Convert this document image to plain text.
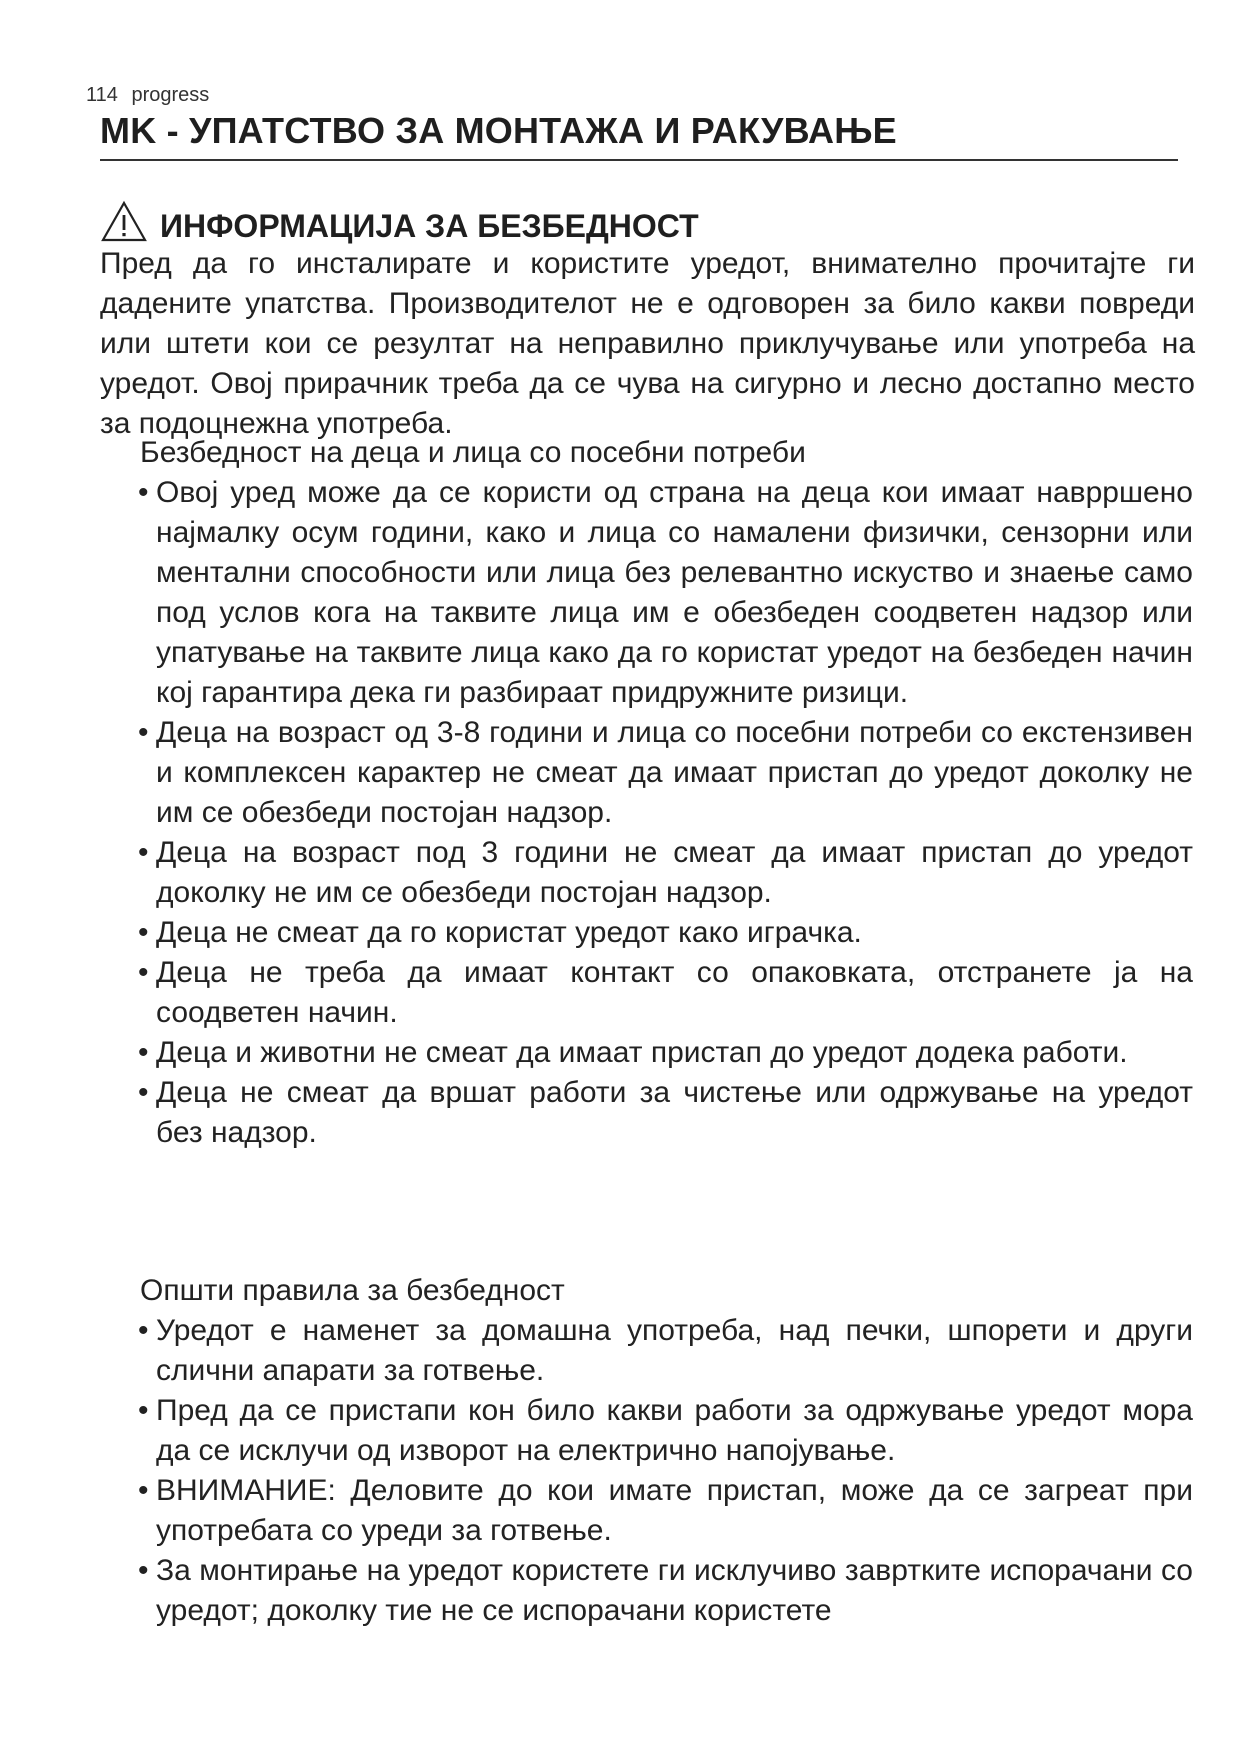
114 progress
MK - УПАТСТВО ЗА МОНТАЖА И РАКУВАЊЕ
ИНФОРМАЦИЈА ЗА БЕЗБЕДНОСТ
Пред да го инсталирате и користите уредот, внимателно прочитајте ги дадените упатства. Производителот не е одговорен за било какви повреди или штети кои се резултат на неправилно приклучување или употреба на уредот. Овој прирачник треба да се чува на сигурно и лесно достапно место за подоцнежна употреба.
Безбедност на деца и лица со посебни потреби
• Овој уред може да се користи од страна на деца кои имаат наврршено најмалку осум години, како и лица со намалени физички, сензорни или ментални способности или лица без релевантно искуство и знаење само под услов кога на таквите лица им е обезбеден соодветен надзор или упатување на таквите лица како да го користат уредот на безбеден начин кој гарантира дека ги разбираат придружните ризици.
• Деца на возраст од 3-8 години и лица со посебни потреби со екстензивен и комплексен карактер не смеат да имаат пристап до уредот доколку не им се обезбеди постојан надзор.
• Деца на возраст под 3 години не смеат да имаат пристап до уредот доколку не им се обезбеди постојан надзор.
• Деца не смеат да го користат уредот како играчка.
• Деца не треба да имаат контакт со опаковката, отстранете ја на соодветен начин.
• Деца и животни не смеат да имаат пристап до уредот додека работи.
• Деца не смеат да вршат работи за чистење или одржување на уредот без надзор.
Општи правила за безбедност
• Уредот е наменет за домашна употреба, над печки, шпорети и други слични апарати за готвење.
• Пред да се пристапи кон било какви работи за одржување уредот мора да се исклучи од изворот на електрично напојување.
• ВНИМАНИЕ: Деловите до кои имате пристап, може да се загреат при употребата со уреди за готвење.
• За монтирање на уредот користете ги исклучиво завртките испорачани со уредот; доколку тие не се испорачани користете
